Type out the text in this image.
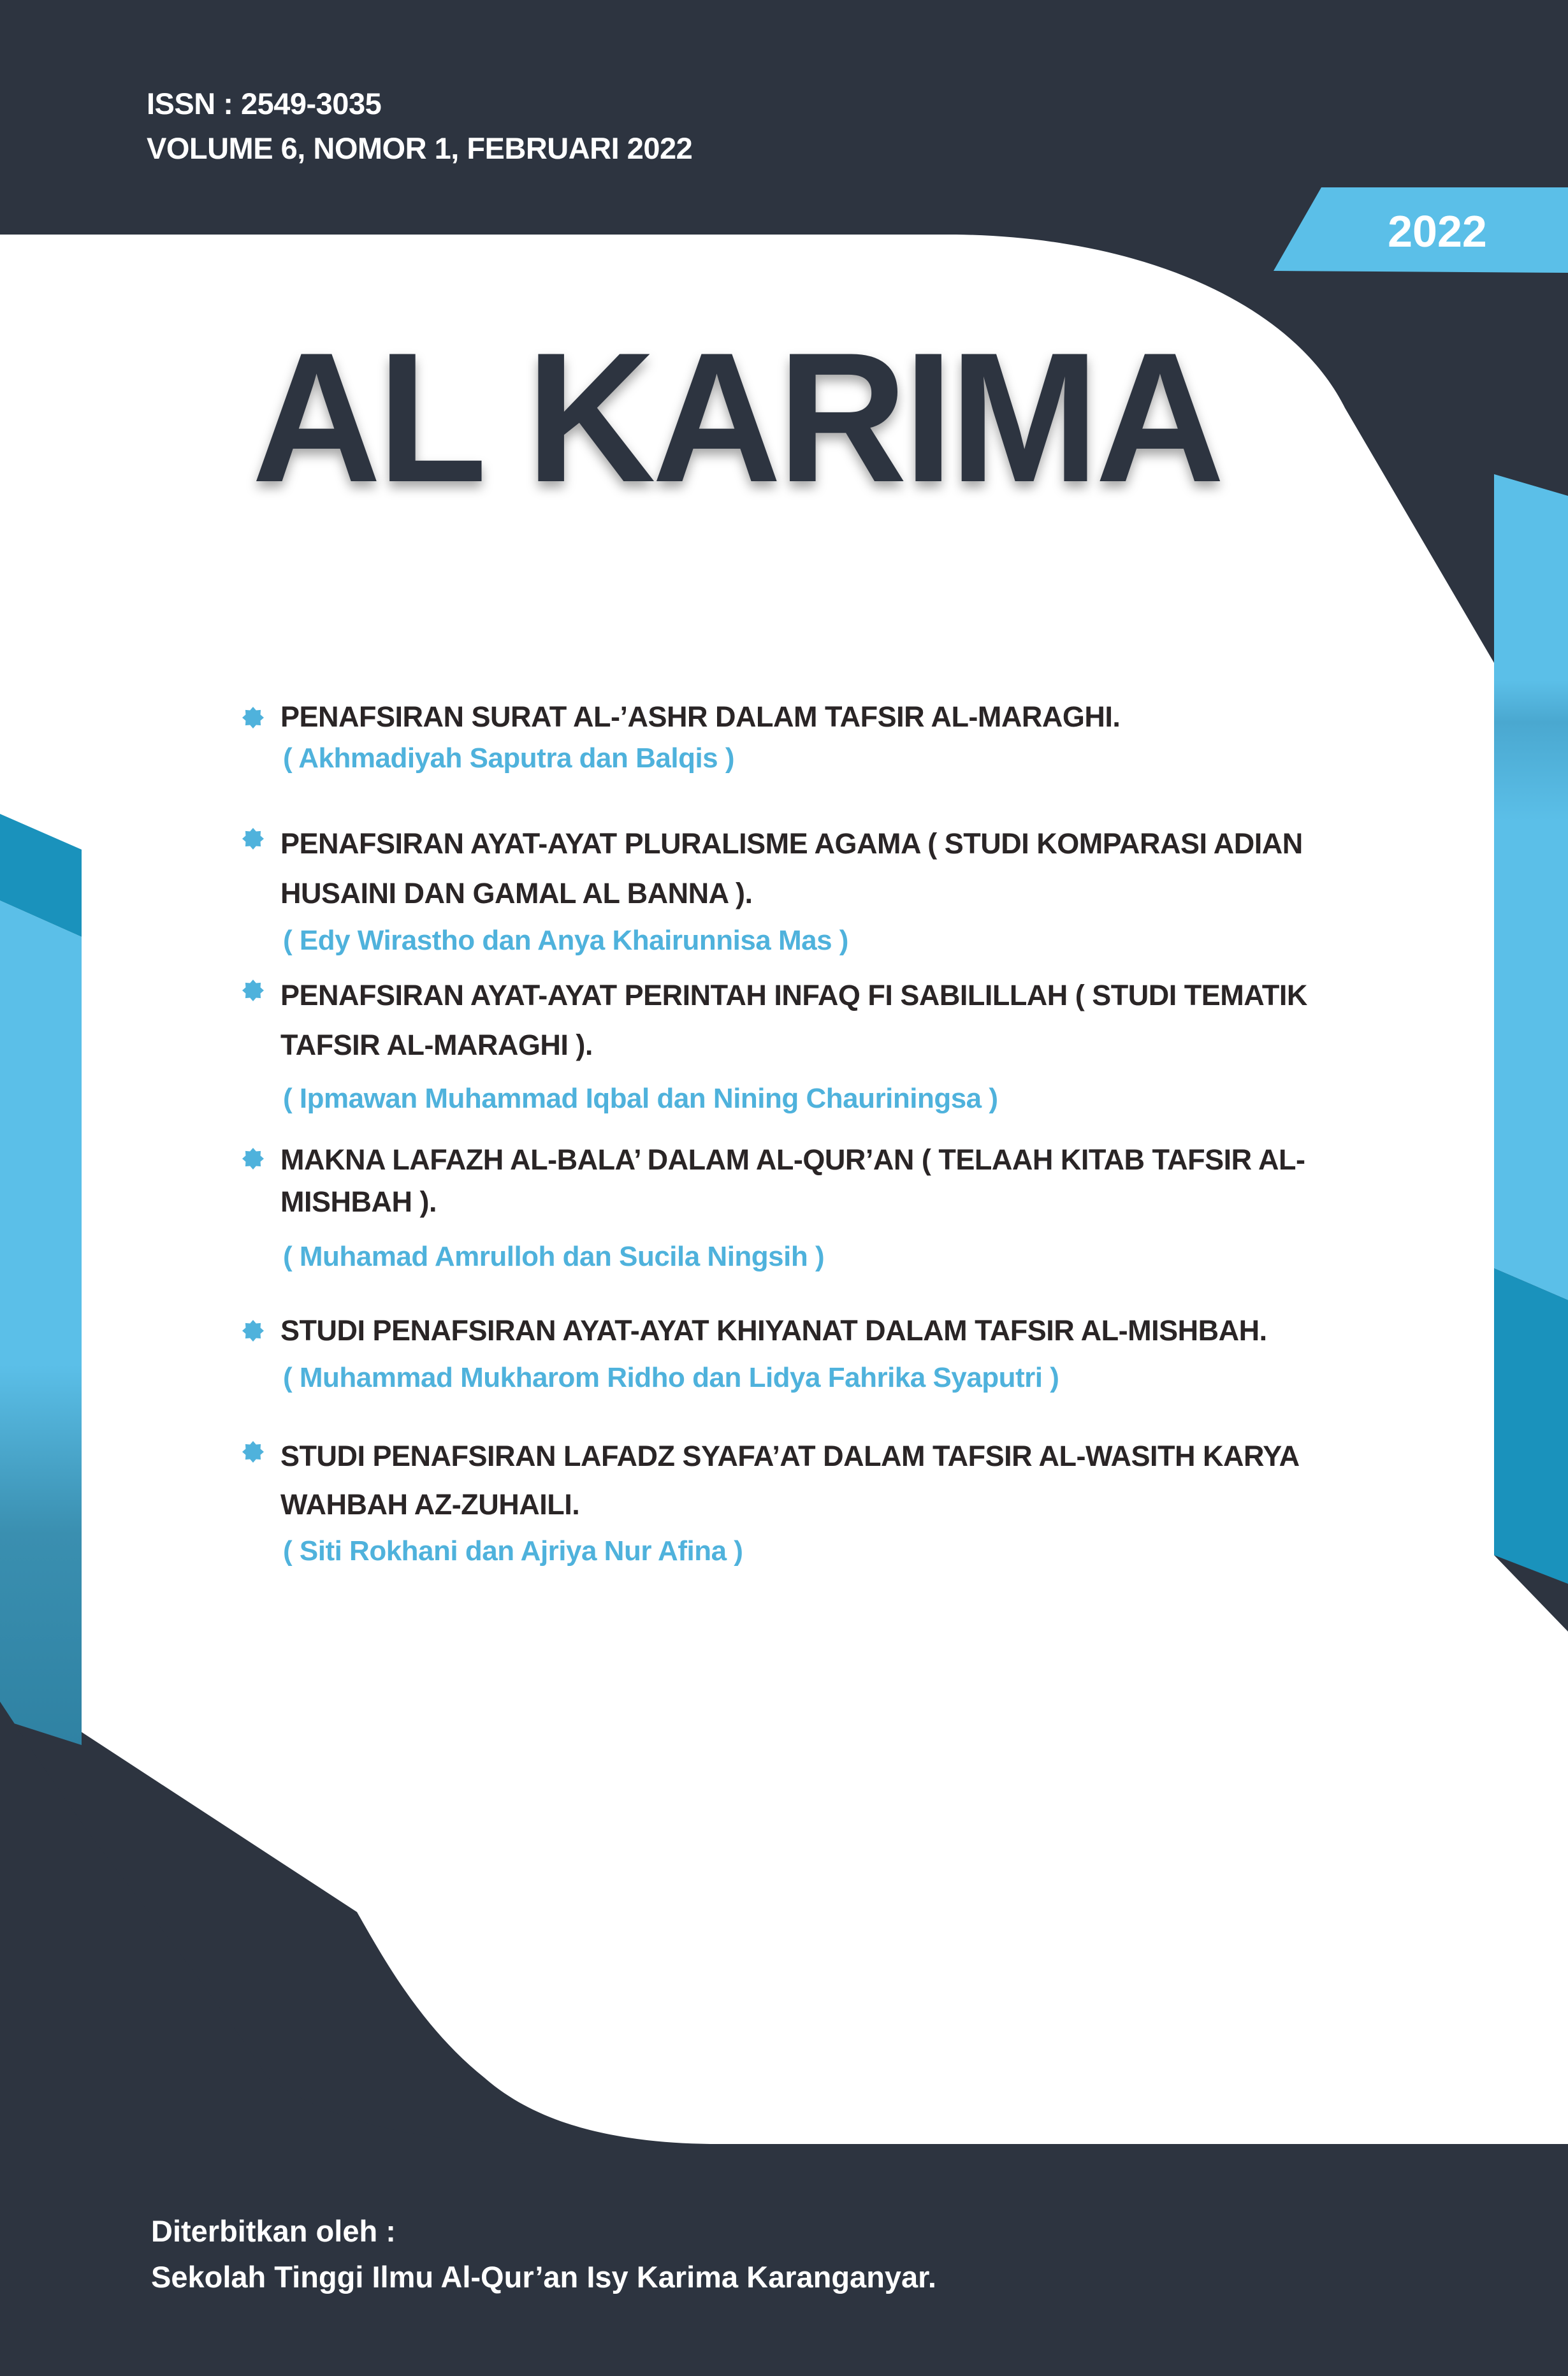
ISSN : 2549-3035
VOLUME 6, NOMOR 1, FEBRUARI 2022
2022
AL KARIMA
PENAFSIRAN SURAT AL-’ASHR DALAM TAFSIR AL-MARAGHI.
( Akhmadiyah Saputra dan Balqis )
PENAFSIRAN AYAT-AYAT PLURALISME AGAMA ( STUDI KOMPARASI ADIAN HUSAINI DAN GAMAL AL BANNA ).
( Edy Wirastho dan Anya Khairunnisa Mas )
PENAFSIRAN AYAT-AYAT PERINTAH INFAQ FI SABILILLAH ( STUDI TEMATIK TAFSIR AL-MARAGHI ).
( Ipmawan Muhammad Iqbal dan Nining Chauriningsa )
MAKNA LAFAZH AL-BALA’ DALAM AL-QUR’AN ( TELAAH KITAB TAFSIR AL-MISHBAH ).
( Muhamad Amrulloh dan Sucila Ningsih )
STUDI PENAFSIRAN AYAT-AYAT KHIYANAT DALAM TAFSIR AL-MISHBAH.
( Muhammad Mukharom Ridho dan Lidya Fahrika Syaputri )
STUDI PENAFSIRAN LAFADZ SYAFA’AT DALAM TAFSIR AL-WASITH KARYA WAHBAH AZ-ZUHAILI.
( Siti Rokhani dan Ajriya Nur Afina )
Diterbitkan oleh :
Sekolah Tinggi Ilmu Al-Qur’an Isy Karima Karanganyar.
